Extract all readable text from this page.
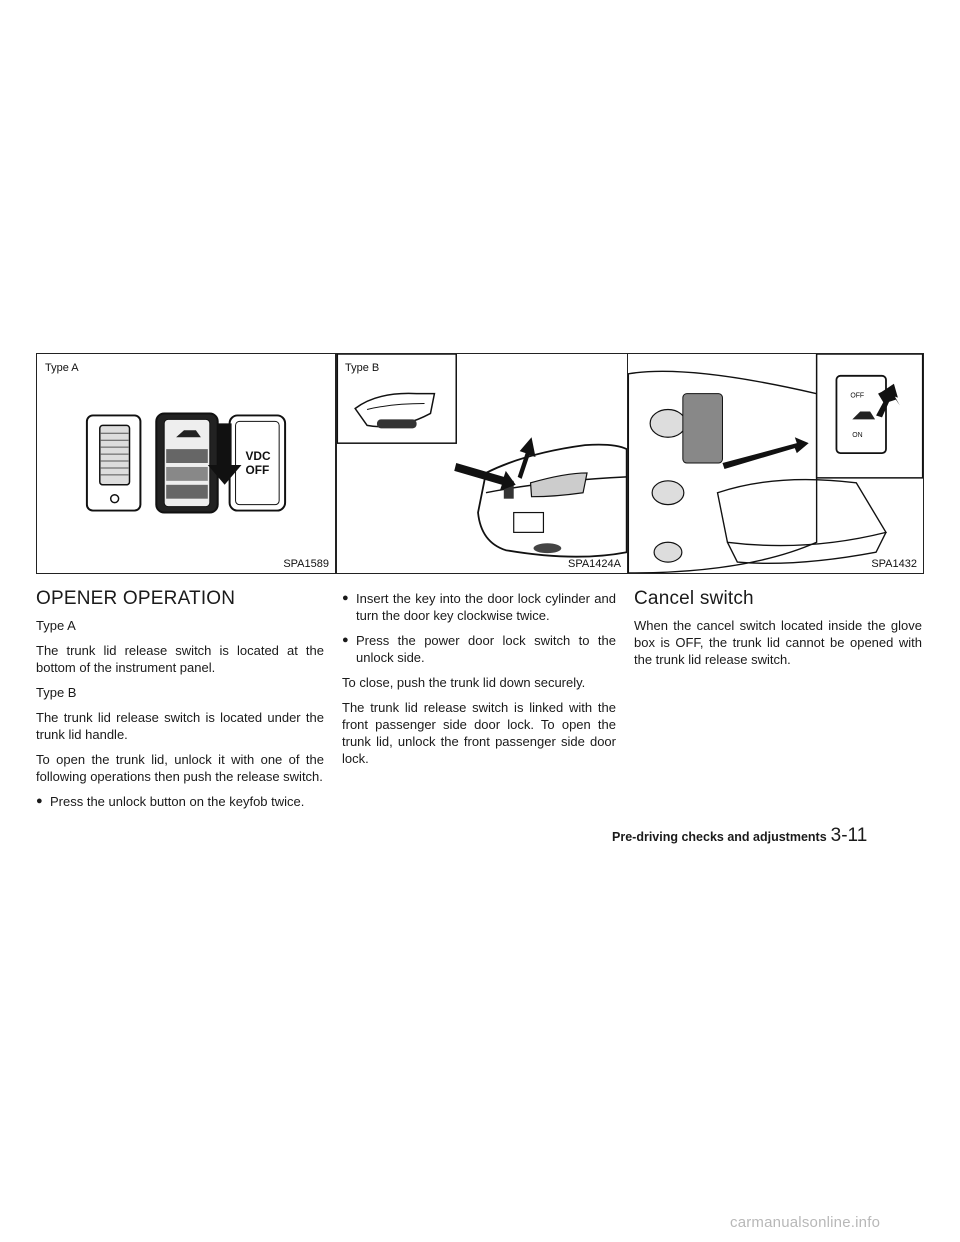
VDC
OFF
Type A
SPA1589
Type B
SPA1424A
OFF
ON
SPA1432
OPENER OPERATION

Type A

The trunk lid release switch is located at the bottom of the instrument panel.

Type B

The trunk lid release switch is located under the trunk lid handle.

To open the trunk lid, unlock it with one of the following operations then push the release switch.

● Press the unlock button on the keyfob twice.
● Insert the key into the door lock cylinder and turn the door key clockwise twice.
● Press the power door lock switch to the unlock side.

To close, push the trunk lid down securely.

The trunk lid release switch is linked with the front passenger side door lock. To open the trunk lid, unlock the front passenger side door lock.

Cancel switch

When the cancel switch located inside the glove box is OFF, the trunk lid cannot be opened with the trunk lid release switch.

Pre-driving checks and adjustments 3-11
carmanualsonline.info
